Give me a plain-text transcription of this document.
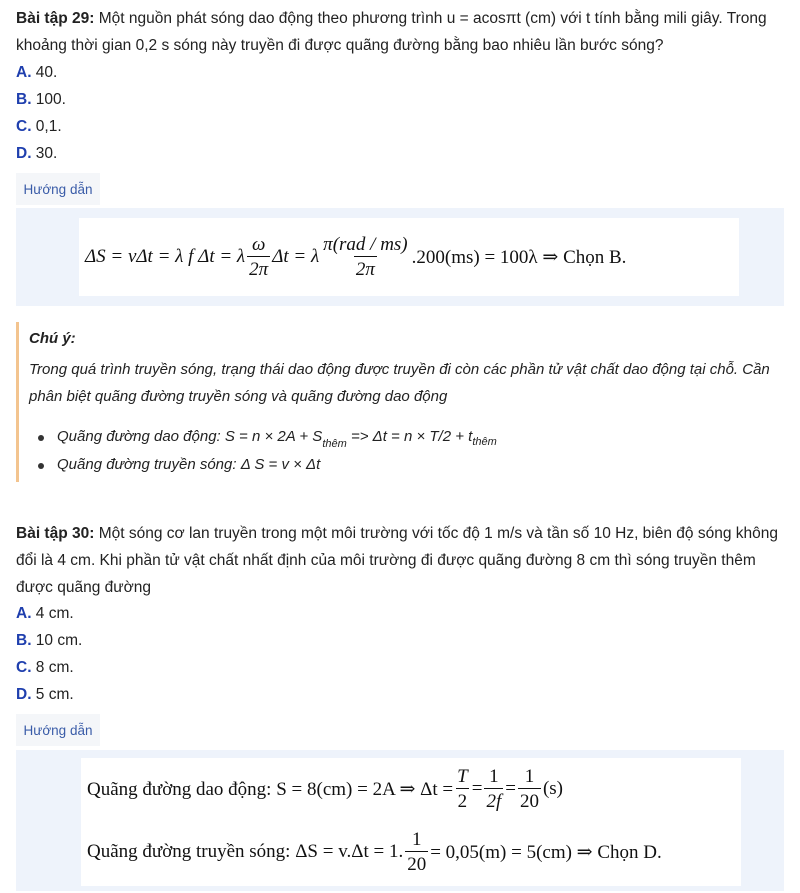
Bài tập 29: Một nguồn phát sóng dao động theo phương trình u = acosπt (cm) với t tính bằng mili giây. Trong khoảng thời gian 0,2 s sóng này truyền đi được quãng đường bằng bao nhiêu lần bước sóng?
A. 40.
B. 100.
C. 0,1.
D. 30.
Hướng dẫn
ΔS = vΔt = λ f Δt = λ $\frac{\omega}{2\pi}$ Δt = λ $\frac{\text{π(rad / ms)}}{2\pi} .200(ms) = 100\lambda$ ⇒ Chọn B.
Chú ý:
Trong quá trình truyền sóng, trạng thái dao động được truyền đi còn các phần tử vật chất dao động tại chỗ. Cần phân biệt quãng đường truyền sóng và quãng đường dao động
Quãng đường dao động: $S = n \times 2A + S_{thêm} => \Delta t = n \times T/2 + t_{thêm}$
Quãng đường truyền sóng: Δ S = v × Δt
Bài tập 30: Một sóng cơ lan truyền trong một môi trường với tốc độ 1 m/s và tần số 10 Hz, biên độ sóng không đổi là 4 cm. Khi phần tử vật chất nhất định của môi trường đi được quãng đường 8 cm thì sóng truyền thêm được quãng đường
A. 4 cm.
B. 10 cm.
C. 8 cm.
D. 5 cm.
Hướng dẫn
Quãng đường dao động: S = 8(cm) = 2A ⇒ $\Delta t = \frac{T}{2} = \frac{1}{2f} = \frac{1}{20} (s)$
Quãng đường truyền sóng: ΔS = v.Δt = 1. $\frac{1}{20} = 0,05(m) = 5(cm)$ ⇒ Chọn D.
